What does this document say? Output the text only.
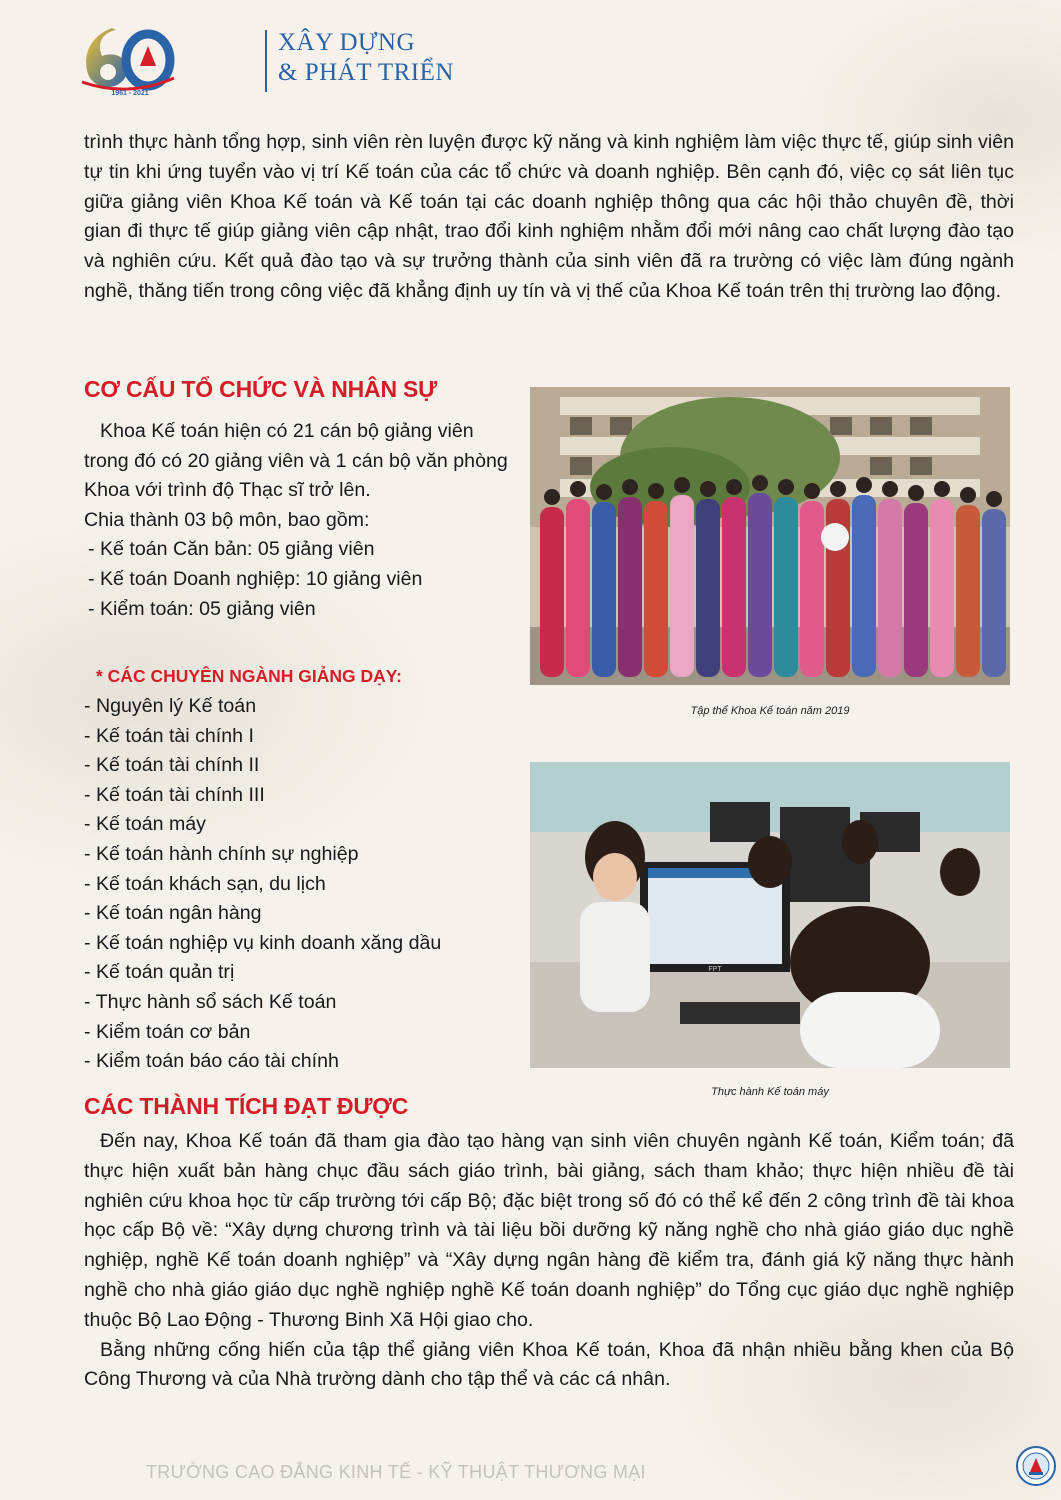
1961 - 2021
XÂY DỰNG
& PHÁT TRIỂN

trình thực hành tổng hợp, sinh viên rèn luyện được kỹ năng và kinh nghiệm làm việc thực tế, giúp sinh viên tự tin khi ứng tuyển vào vị trí Kế toán của các tổ chức và doanh nghiệp. Bên cạnh đó, việc cọ sát liên tục giữa giảng viên Khoa Kế toán và Kế toán tại các doanh nghiệp thông qua các hội thảo chuyên đề, thời gian đi thực tế giúp giảng viên cập nhật, trao đổi kinh nghiệm nhằm đổi mới nâng cao chất lượng đào tạo và nghiên cứu. Kết quả đào tạo và sự trưởng thành của sinh viên đã ra trường có việc làm đúng ngành nghề, thăng tiến trong công việc đã khẳng định uy tín và vị thế của Khoa Kế toán trên thị trường lao động.

CƠ CẤU TỔ CHỨC VÀ NHÂN SỰ

Khoa Kế toán hiện có 21 cán bộ giảng viên trong đó có 20 giảng viên và 1 cán bộ văn phòng Khoa với trình độ Thạc sĩ trở lên.

Chia thành 03 bộ môn, bao gồm:

- Kế toán Căn bản: 05 giảng viên
- Kế toán Doanh nghiệp: 10 giảng viên
- Kiểm toán: 05 giảng viên
* CÁC CHUYÊN NGÀNH GIẢNG DẠY:
- Nguyên lý Kế toán
- Kế toán tài chính I
- Kế toán tài chính II
- Kế toán tài chính III
- Kế toán máy
- Kế toán hành chính sự nghiệp
- Kế toán khách sạn, du lịch
- Kế toán ngân hàng
- Kế toán nghiệp vụ kinh doanh xăng dầu
- Kế toán quản trị
- Thực hành sổ sách Kế toán
- Kiểm toán cơ bản
- Kiểm toán báo cáo tài chính
Tập thể Khoa Kế toán năm 2019
FPT
Thực hành Kế toán máy
CÁC THÀNH TÍCH ĐẠT ĐƯỢC

Đến nay, Khoa Kế toán đã tham gia đào tạo hàng vạn sinh viên chuyên ngành Kế toán, Kiểm toán; đã thực hiện xuất bản hàng chục đầu sách giáo trình, bài giảng, sách tham khảo; thực hiện nhiều đề tài nghiên cứu khoa học từ cấp trường tới cấp Bộ; đặc biệt trong số đó có thể kể đến 2 công trình đề tài khoa học cấp Bộ về: “Xây dựng chương trình và tài liệu bồi dưỡng kỹ năng nghề cho nhà giáo giáo dục nghề nghiệp, nghề Kế toán doanh nghiệp” và “Xây dựng ngân hàng đề kiểm tra, đánh giá kỹ năng thực hành nghề cho nhà giáo giáo dục nghề nghiệp nghề Kế toán doanh nghiệp” do Tổng cục giáo dục nghề nghiệp thuộc Bộ Lao Động - Thương Binh Xã Hội giao cho.

Bằng những cống hiến của tập thể giảng viên Khoa Kế toán, Khoa đã nhận nhiều bằng khen của Bộ Công Thương và của Nhà trường dành cho tập thể và các cá nhân.

TRƯỜNG CAO ĐẲNG KINH TẾ - KỸ THUẬT THƯƠNG MẠI
